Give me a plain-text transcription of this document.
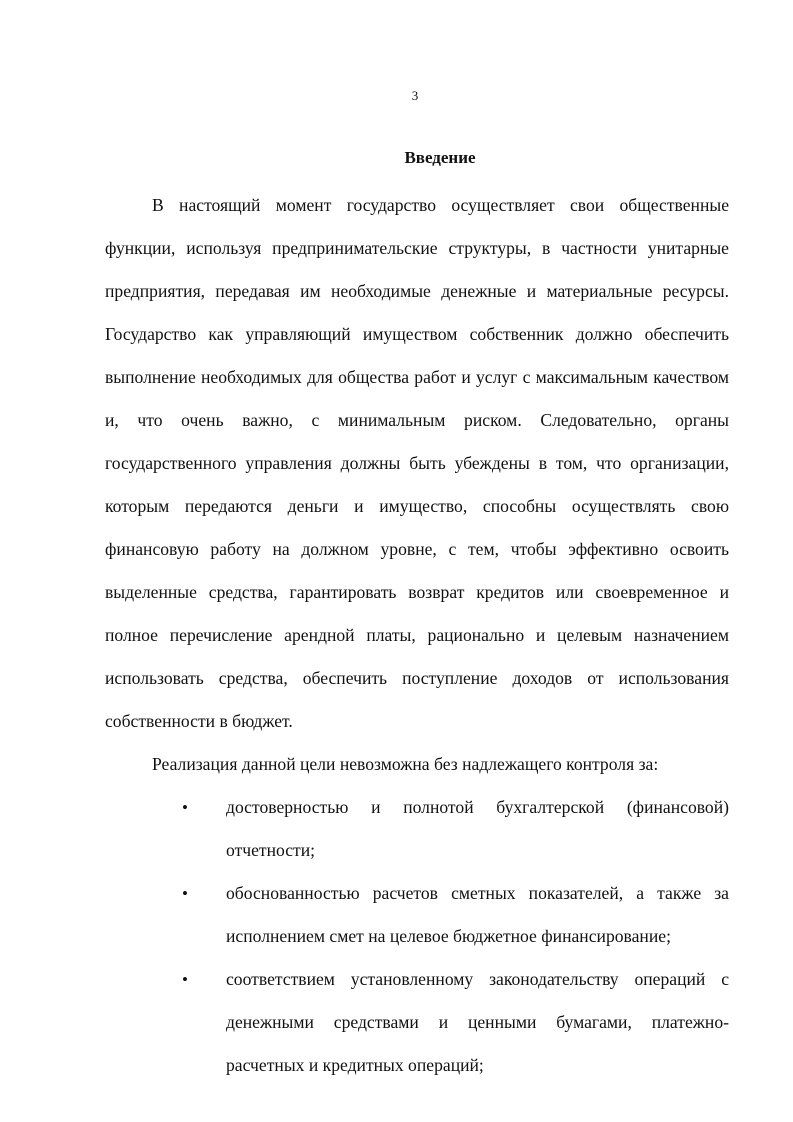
3
Введение

В настоящий момент государство осуществляет свои общественные функции, используя предпринимательские структуры, в частности унитарные предприятия, передавая им необходимые денежные и материальные ресурсы. Государство как управляющий имуществом собственник должно обеспечить выполнение необходимых для общества работ и услуг с максимальным качеством и, что очень важно, с минимальным риском. Следовательно, органы государственного управления должны быть убеждены в том, что организации, которым передаются деньги и имущество, способны осуществлять свою финансовую работу на должном уровне, с тем, чтобы эффективно освоить выделенные средства, гарантировать возврат кредитов или своевременное и полное перечисление арендной платы, рационально и целевым назначением использовать средства, обеспечить поступление доходов от использования собственности в бюджет.

Реализация данной цели невозможна без надлежащего контроля за:

• достоверностью и полнотой бухгалтерской (финансовой) отчетности;
• обоснованностью расчетов сметных показателей, а также за исполнением смет на целевое бюджетное финансирование;
• соответствием установленному законодательству операций с денежными средствами и ценными бумагами, платежно-расчетных и кредитных операций;
